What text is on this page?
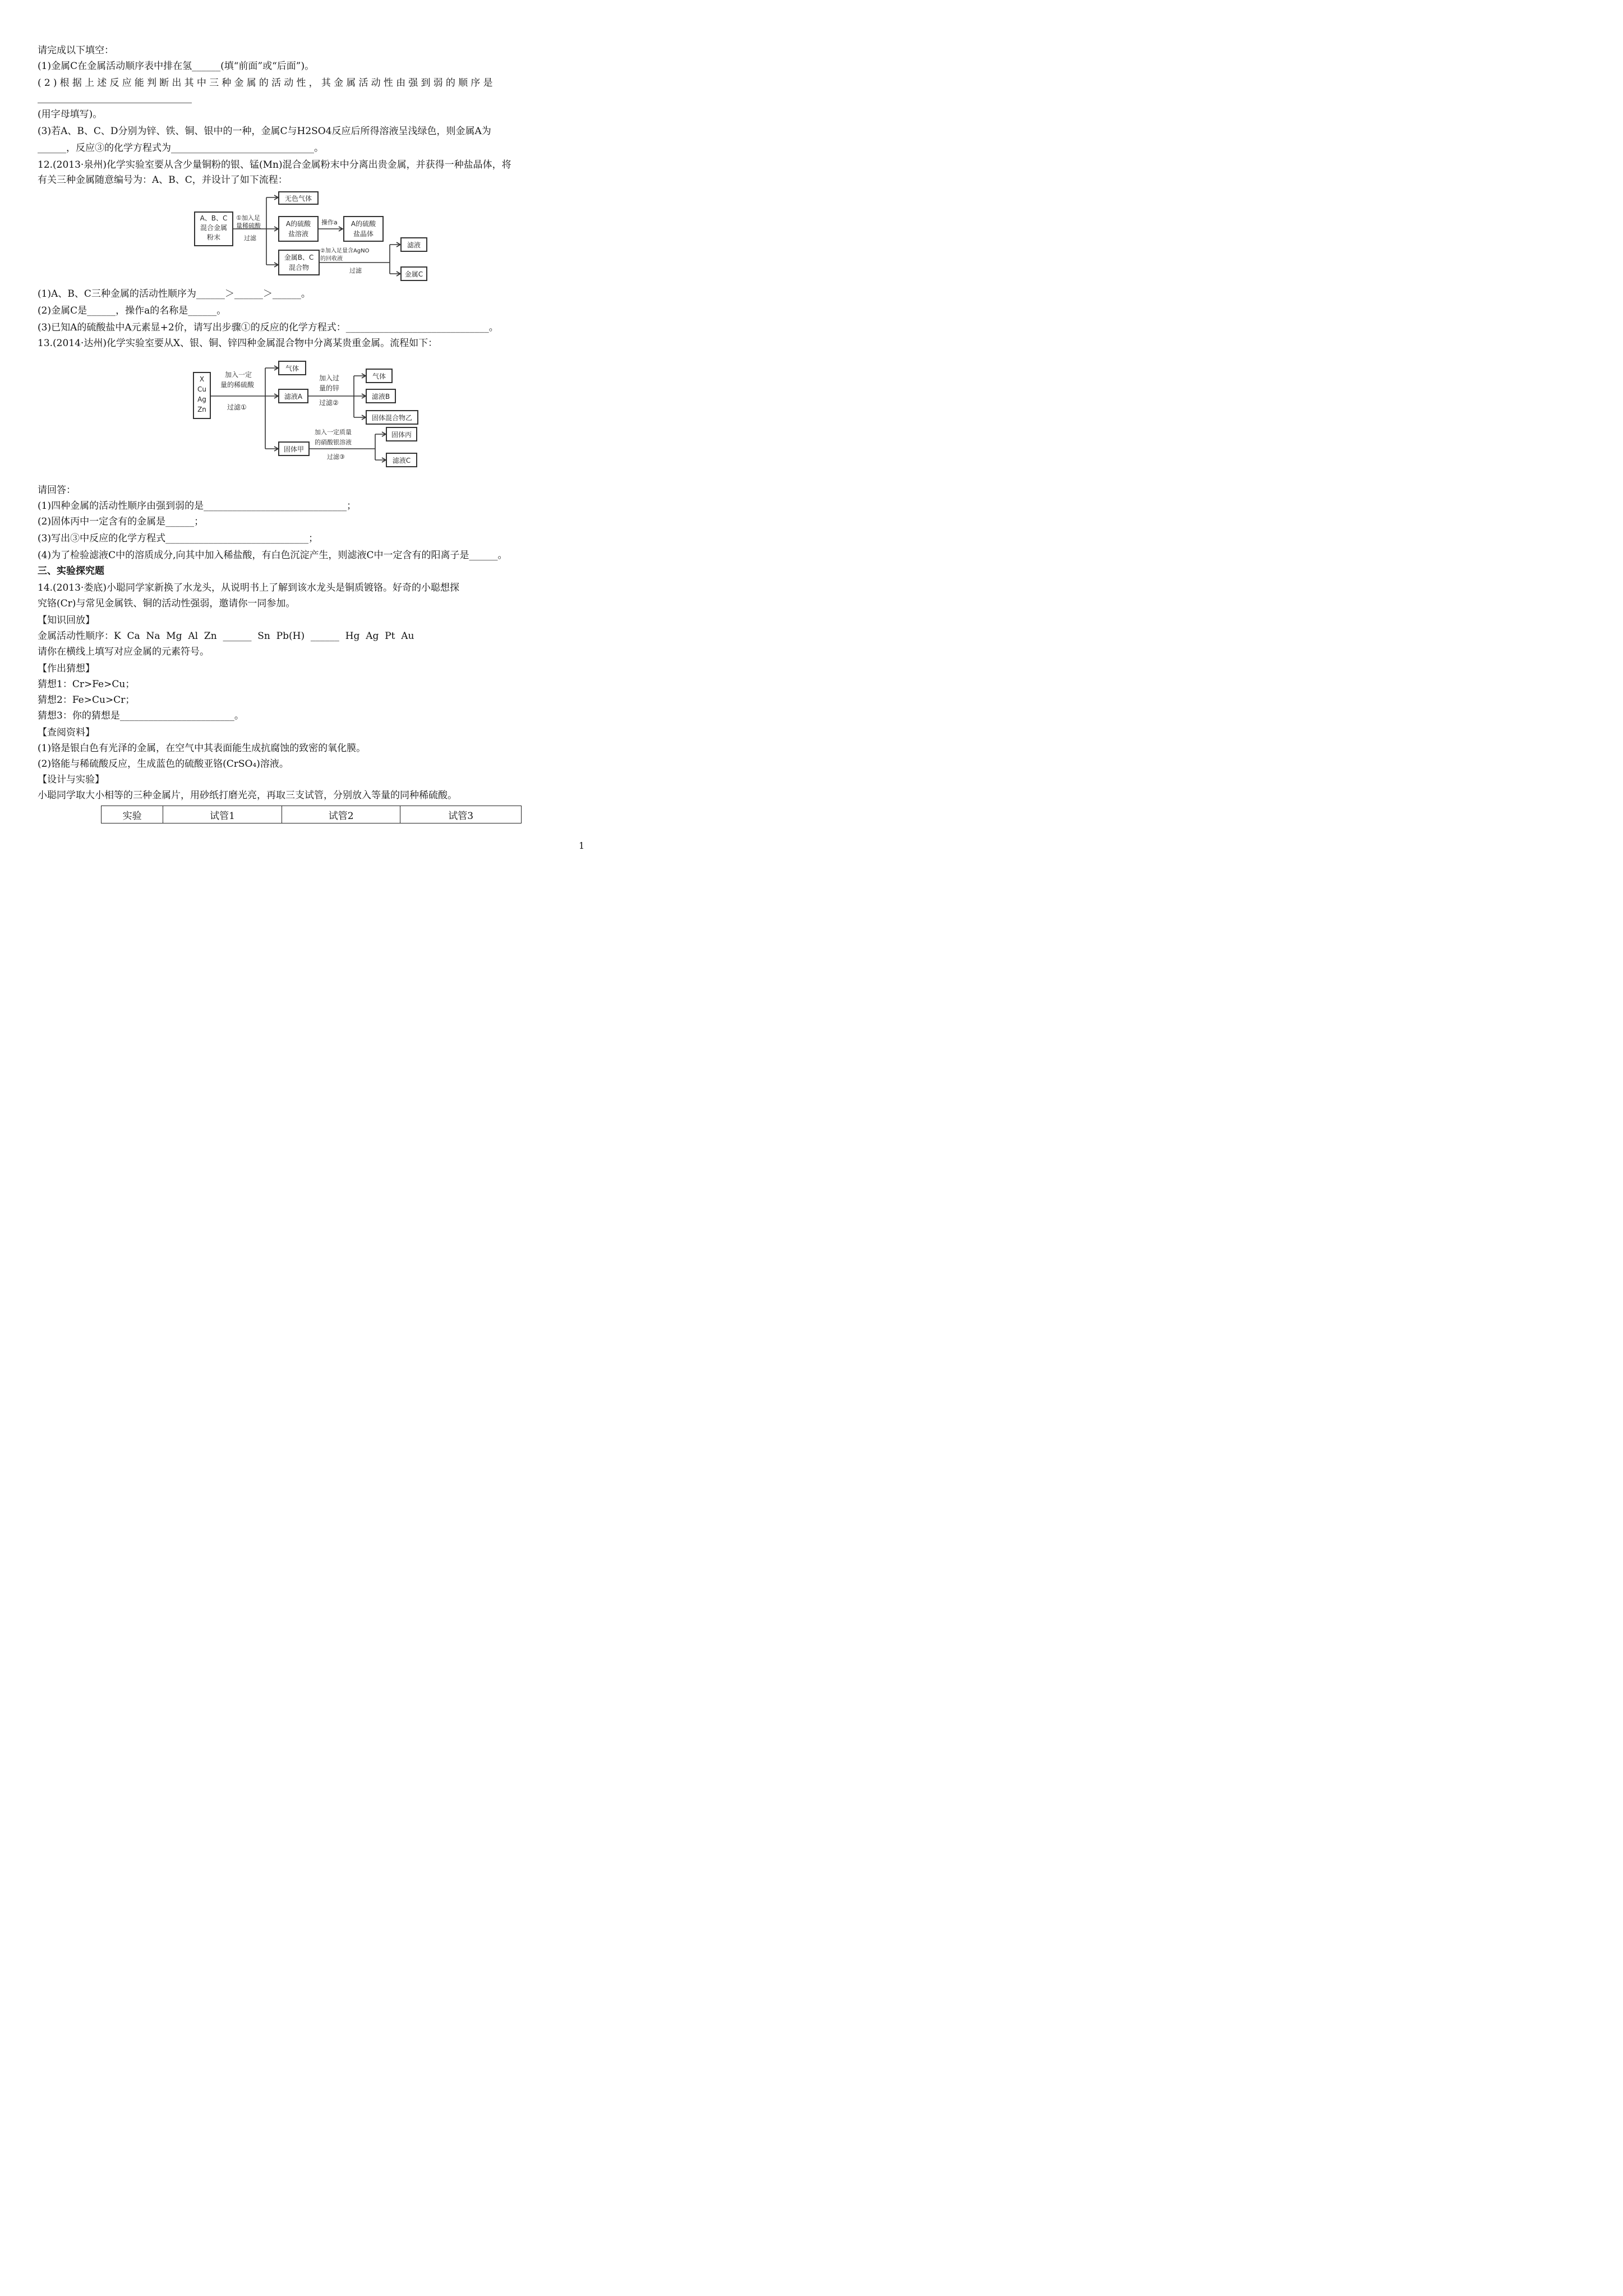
请完成以下填空：
(1)金属C在金属活动顺序表中排在氢______(填“前面”或“后面”)。
(2)根据上述反应能判断出其中三种金属的活动性，其金属活动性由强到弱的顺序是
(用字母填写)。
(3)若A、B、C、D分别为锌、铁、铜、银中的一种，金属C与H2SO4反应后所得溶液呈浅绿色，则金属A为
______，反应③的化学方程式为______________________________。
12.(2013·泉州)化学实验室要从含少量铜粉的银、锰(Mn)混合金属粉末中分离出贵金属，并获得一种盐晶体，将
有关三种金属随意编号为：A、B、C，并设计了如下流程：
A、B、C
混合金属
粉末
①加入足
量稀硫酸
过滤
无色气体
A的硫酸
盐溶液
操作a A的硫酸
盐晶体
金属B、C
混合物
②加入足量含AgNO
的回收液
过滤
滤液
金属C
(1)A、B、C三种金属的活动性顺序为______＞______＞______。
(2)金属C是______，操作a的名称是______。
(3)已知A的硫酸盐中A元素显+2价，请写出步骤①的反应的化学方程式：______________________________。
13.(2014·达州)化学实验室要从X、银、铜、锌四种金属混合物中分离某贵重金属。流程如下：
X
Cu
Ag
Zn
加入一定
量的稀硫酸
过滤①
气体
滤液A
加入过
量的锌
过滤②
气体
滤液B
固体混合物乙
固体甲
加入一定质量
的硝酸银溶液
过滤③
固体丙
滤液C
请回答：
(1)四种金属的活动性顺序由强到弱的是______________________________；
(2)固体丙中一定含有的金属是______；
(3)写出③中反应的化学方程式______________________________；
(4)为了检验滤液C中的溶质成分,向其中加入稀盐酸，有白色沉淀产生，则滤液C中一定含有的阳离子是______。
三、实验探究题
14.(2013·娄底)小聪同学家新换了水龙头，从说明书上了解到该水龙头是铜质镀铬。好奇的小聪想探
究铬(Cr)与常见金属铁、铜的活动性强弱，邀请你一同参加。
【知识回放】
金属活动性顺序：K  Ca  Na  Mg  Al  Zn  ______  Sn  Pb(H)  ______  Hg  Ag  Pt  Au
请你在横线上填写对应金属的元素符号。
【作出猜想】
猜想1：Cr>Fe>Cu；
猜想2：Fe>Cu>Cr；
猜想3：你的猜想是________________________。
【查阅资料】
(1)铬是银白色有光泽的金属，在空气中其表面能生成抗腐蚀的致密的氧化膜。
(2)铬能与稀硫酸反应，生成蓝色的硫酸亚铬(CrSO₄)溶液。
【设计与实验】
小聪同学取大小相等的三种金属片，用砂纸打磨光亮，再取三支试管，分别放入等量的同种稀硫酸。
实验	试管1	试管2	试管3
1
